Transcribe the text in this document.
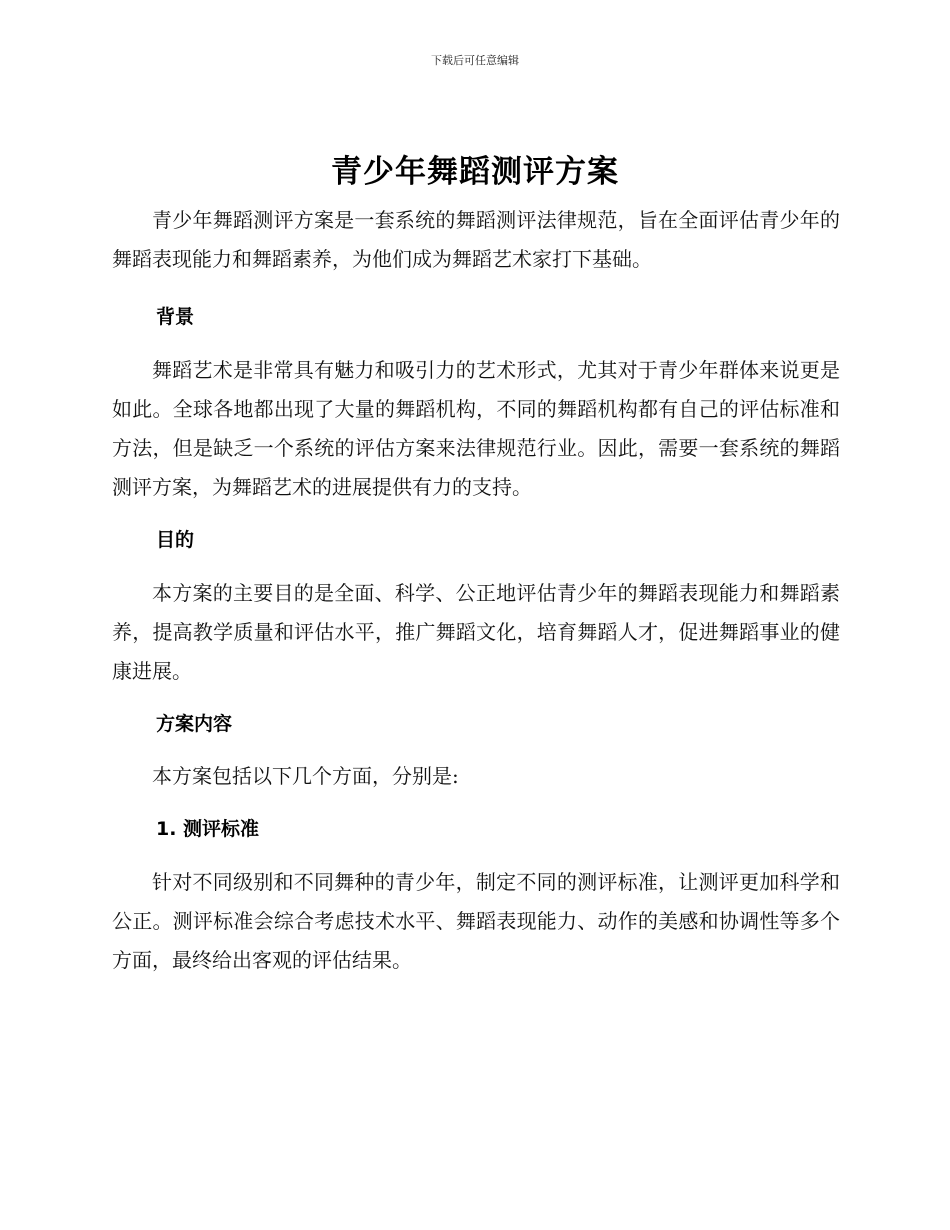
下载后可任意编辑
青少年舞蹈测评方案

青少年舞蹈测评方案是一套系统的舞蹈测评法律规范，旨在全面评估青少年的舞蹈表现能力和舞蹈素养，为他们成为舞蹈艺术家打下基础。

背景

舞蹈艺术是非常具有魅力和吸引力的艺术形式，尤其对于青少年群体来说更是如此。全球各地都出现了大量的舞蹈机构，不同的舞蹈机构都有自己的评估标准和方法，但是缺乏一个系统的评估方案来法律规范行业。因此，需要一套系统的舞蹈测评方案，为舞蹈艺术的进展提供有力的支持。

目的

本方案的主要目的是全面、科学、公正地评估青少年的舞蹈表现能力和舞蹈素养，提高教学质量和评估水平，推广舞蹈文化，培育舞蹈人才，促进舞蹈事业的健康进展。

方案内容

本方案包括以下几个方面，分别是:

1. 测评标准

针对不同级别和不同舞种的青少年，制定不同的测评标准，让测评更加科学和公正。测评标准会综合考虑技术水平、舞蹈表现能力、动作的美感和协调性等多个方面，最终给出客观的评估结果。
